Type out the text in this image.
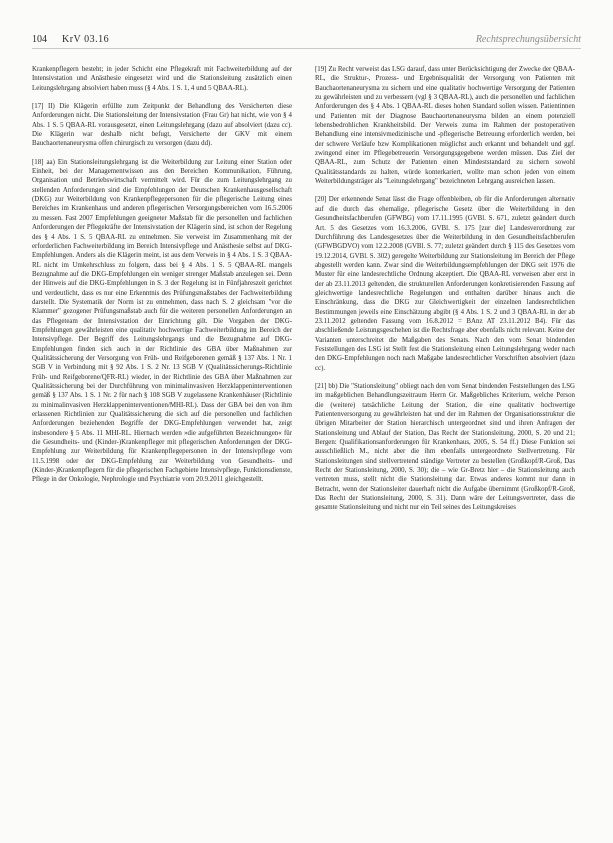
104 KrV 03.16	Rechtsprechungsübersicht

Krankenpflegern besteht; in jeder Schicht eine Pflegekraft mit Fachweiterbildung auf der Intensivstation und Anästhesie eingesetzt wird und die Stationsleitung zusätzlich einen Leitungslehrgang absolviert haben muss (§ 4 Abs. 1 S. 1, 4 und 5 QBAA-RL).

[17] II) Die Klägerin erfüllte zum Zeitpunkt der Behandlung des Versicherten diese Anforderungen nicht. Die Stationsleitung der Intensivstation (Frau Gr) hat nicht, wie von § 4 Abs. 1 S. 5 QBAA-RL vorausgesetzt, einen Leitungslehrgang (dazu auf absolviert (dazu cc). Die Klägerin war deshalb nicht befugt, Versicherte der GKV mit einem Bauchaortenaneurysma offen chirurgisch zu versorgen (dazu dd).

[18] aa) Ein Stationsleitungslehrgang ist die Weiterbildung zur Leitung einer Station oder Einheit, bei der Managementwissen aus den Bereichen Kommunikation, Führung, Organisation und Betriebswirtschaft vermittelt wird. Für die zum Leitungslehrgang zu stellenden Anforderungen sind die Empfehlungen der Deutschen Krankenhausgesellschaft (DKG) zur Weiterbildung von Krankenpflegepersonen für die pflegerische Leitung eines Bereiches im Krankenhaus und anderen pflegerischen Versorgungsbereichen vom 16.5.2006 zu messen. Fast 2007 Empfehlungen geeigneter Maßstab für die personellen und fachlichen Anforderungen der Pflegekräfte der Intensivstation der Klägerin sind, ist schon der Regelung des § 4 Abs. 1 S. 5 QBAA-RL zu entnehmen. Sie verweist im Zusammenhang mit der erforderlichen Fachweiterbildung im Bereich Intensivpflege und Anästhesie selbst auf DKG-Empfehlungen. Anders als die Klägerin meint, ist aus dem Verweis in § 4 Abs. 1 S. 3 QBAA-RL nicht im Umkehrschluss zu folgern, dass bei § 4 Abs. 1 S. 5 QBAA-RL mangels Bezugnahme auf die DKG-Empfehlungen ein weniger strenger Maßstab anzulegen sei. Denn der Hinweis auf die DKG-Empfehlungen in S. 3 der Regelung ist in Fünfjahreszeit gerichtet und verdeutlicht, dass es nur eine Erkenntnis des Prüfungsmaßstabes der Fachweiterbildung darstellt. Die Systematik der Norm ist zu entnehmen, dass nach S. 2 gleichsam "vor die Klammer" gezogener Prüfungsmaßstab auch für die weiteren personellen Anforderungen an das Pflegeteam der Intensivstation der Einrichtung gilt. Die Vorgaben der DKG-Empfehlungen gewährleisten eine qualitativ hochwertige Fachweiterbildung im Bereich der Intensivpflege. Der Begriff des Leitungslehrgangs und die Bezugnahme auf DKG-Empfehlungen finden sich auch in der Richtlinie des GBA über Maßnahmen zur Qualitätssicherung der Versorgung von Früh- und Reifgeborenen gemäß § 137 Abs. 1 Nr. 1 SGB V in Verbindung mit § 92 Abs. 1 S. 2 Nr. 13 SGB V (Qualitätssicherungs-Richtlinie Früh- und Reifgeborene/QFR-RL) wieder, in der Richtlinie des GBA über Maßnahmen zur Qualitätssicherung bei der Durchführung von minimalinvasiven Herzklappeninterventionen gemäß § 137 Abs. 1 S. 1 Nr. 2 für nach § 108 SGB V zugelassene Krankenhäuser (Richtlinie zu minimalinvasiven Herzklappeninterventionen/MHI-RL). Dass der GBA bei den von ihm erlassenen Richtlinien zur Qualitätssicherung die sich auf die personellen und fachlichen Anforderungen beziehenden Begriffe der DKG-Empfehlungen verwendet hat, zeigt insbesondere § 5 Abs. 11 MHI-RL. Hiernach werden »die aufgeführten Bezeichnungen« für die Gesundheits- und (Kinder-)Krankenpfleger mit pflegerischen Anforderungen der DKG-Empfehlung zur Weiterbildung für Krankenpflegepersonen in der Intensivpflege vom 11.5.1998 oder der DKG-Empfehlung zur Weiterbildung von Gesundheits- und (Kinder-)Krankenpflegern für die pflegerischen Fachgebiete Intensivpflege, Funktionsdienste, Pflege in der Onkologie, Nephrologie und Psychiatrie vom 20.9.2011 gleichgestellt.

[19] Zu Recht verweist das LSG darauf, dass unter Berücksichtigung der Zwecke der QBAA-RL, die Struktur-, Prozess- und Ergebnisqualität der Versorgung von Patienten mit Bauchaortenaneurysma zu sichern und eine qualitativ hochwertige Versorgung der Patienten zu gewährleisten und zu verbessern (vgl § 3 QBAA-RL), auch die personellen und fachlichen Anforderungen des § 4 Abs. 1 QBAA-RL dieses hohen Standard sollen wissen. Patientinnen und Patienten mit der Diagnose Bauchaortenaneurysma bilden an einem potenziell lebensbedrohlichen Krankheitsbild. Der Verweis zuma im Rahmen der postoperativen Behandlung eine intensivmedizinische und -pflegerische Betreuung erforderlich werden, bei der schwere Verläufe bzw Komplikationen möglichst auch erkannt und behandelt und ggf. zwingend einer im Pflegebetreuerin Versorgungsgegebene werden müssen. Das Ziel der QBAA-RL, zum Schutz der Patienten einen Mindeststandard zu sichern sowohl Qualitätsstandards zu halten, würde konterkariert, wollte man schon jeden von einem Weiterbildungsträger als "Leitungslehrgang" bezeichneten Lehrgang ausreichen lassen.

[20] Der erkennende Senat lässt die Frage offenbleiben, ob für die Anforderungen alternativ auf die durch das ehemalige, pflegerische Gesetz über die Weiterbildung in den Gesundheitsfachberufen (GFWBG) vom 17.11.1995 (GVBl. S. 671, zuletzt geändert durch Art. 5 des Gesetzes vom 16.3.2006, GVBl. S. 175 [zur die] Landesverordnung zur Durchführung des Landesgesetzes über die Weiterbildung in den Gesundheitsfachberufen (GFWBGDVO) vom 12.2.2008 (GVBl. S. 77; zuletzt geändert durch § 115 des Gesetzes vom 19.12.2014, GVBl. S. 302) geregelte Weiterbildung zur Stationsleitung im Bereich der Pflege abgestellt werden kann. Zwar sind die Weiterbildungsempfehlungen der DKG seit 1976 die Muster für eine landesrechtliche Ordnung akzeptiert. Die QBAA-RL verweisen aber erst in der ab 23.11.2013 geltenden, die strukturellen Anforderungen konkretisierenden Fassung auf gleichwertige landesrechtliche Regelungen und enthalten darüber hinaus auch die Einschränkung, dass die DKG zur Gleichwertigkeit der einzelnen landesrechtlichen Bestimmungen jeweils eine Einschätzung abgibt (§ 4 Abs. 1 S. 2 und 3 QBAA-RL in der ab 23.11.2012 geltenden Fassung vom 16.8.2012 = BAnz AT 23.11.2012 B4). Für das abschließende Leistungsgeschehen ist die Rechtsfrage aber ebenfalls nicht relevant. Keine der Varianten unterschreitet die Maßgaben des Senats. Nach den vom Senat bindenden Feststellungen des LSG ist Stellt fest die Stationsleitung einen Leitungslehrgang weder nach den DKG-Empfehlungen noch nach Maßgabe landesrechtlicher Vorschriften absolviert (dazu cc).

[21] bb) Die "Stationsleitung" obliegt nach den vom Senat bindenden Feststellungen des LSG im maßgeblichen Behandlungszeitraum Herrn Gr. Maßgebliches Kriterium, welche Person die (weitere) tatsächliche Leitung der Station, die eine qualitativ hochwertige Patientenversorgung zu gewährleisten hat und der im Rahmen der Organisationsstruktur die übrigen Mitarbeiter der Station hierarchisch untergeordnet sind und ihren Anfragen der Stationsleitung und Ablauf der Station, Das Recht der Stationsleitung, 2000, S. 20 und 21; Bergen: Qualifikationsanforderungen für Krankenhaus, 2005, S. 54 ff.) Diese Funktion sei ausschließlich M., nicht aber die ihm ebenfalls untergeordnete Stellvertretung. Für Stationsleitungen sind stellvertretend ständige Vertreter zu bestellen (Großkopf/R-Groß, Das Recht der Stationsleitung, 2000, S. 30); die – wie Gr-Bretz hier – die Stationsleitung auch vertreten muss, stellt nicht die Stationsleitung dar. Etwas anderes kommt nur dann in Betracht, wenn der Stationsleiter dauerhaft nicht die Aufgabe übernimmt (Großkopf/R-Groß, Das Recht der Stationsleitung, 2000, S. 31). Dann wäre der Leitungsvertreter, dass die gesamte Stationsleitung und nicht nur ein Teil seines des Leitungskreises
